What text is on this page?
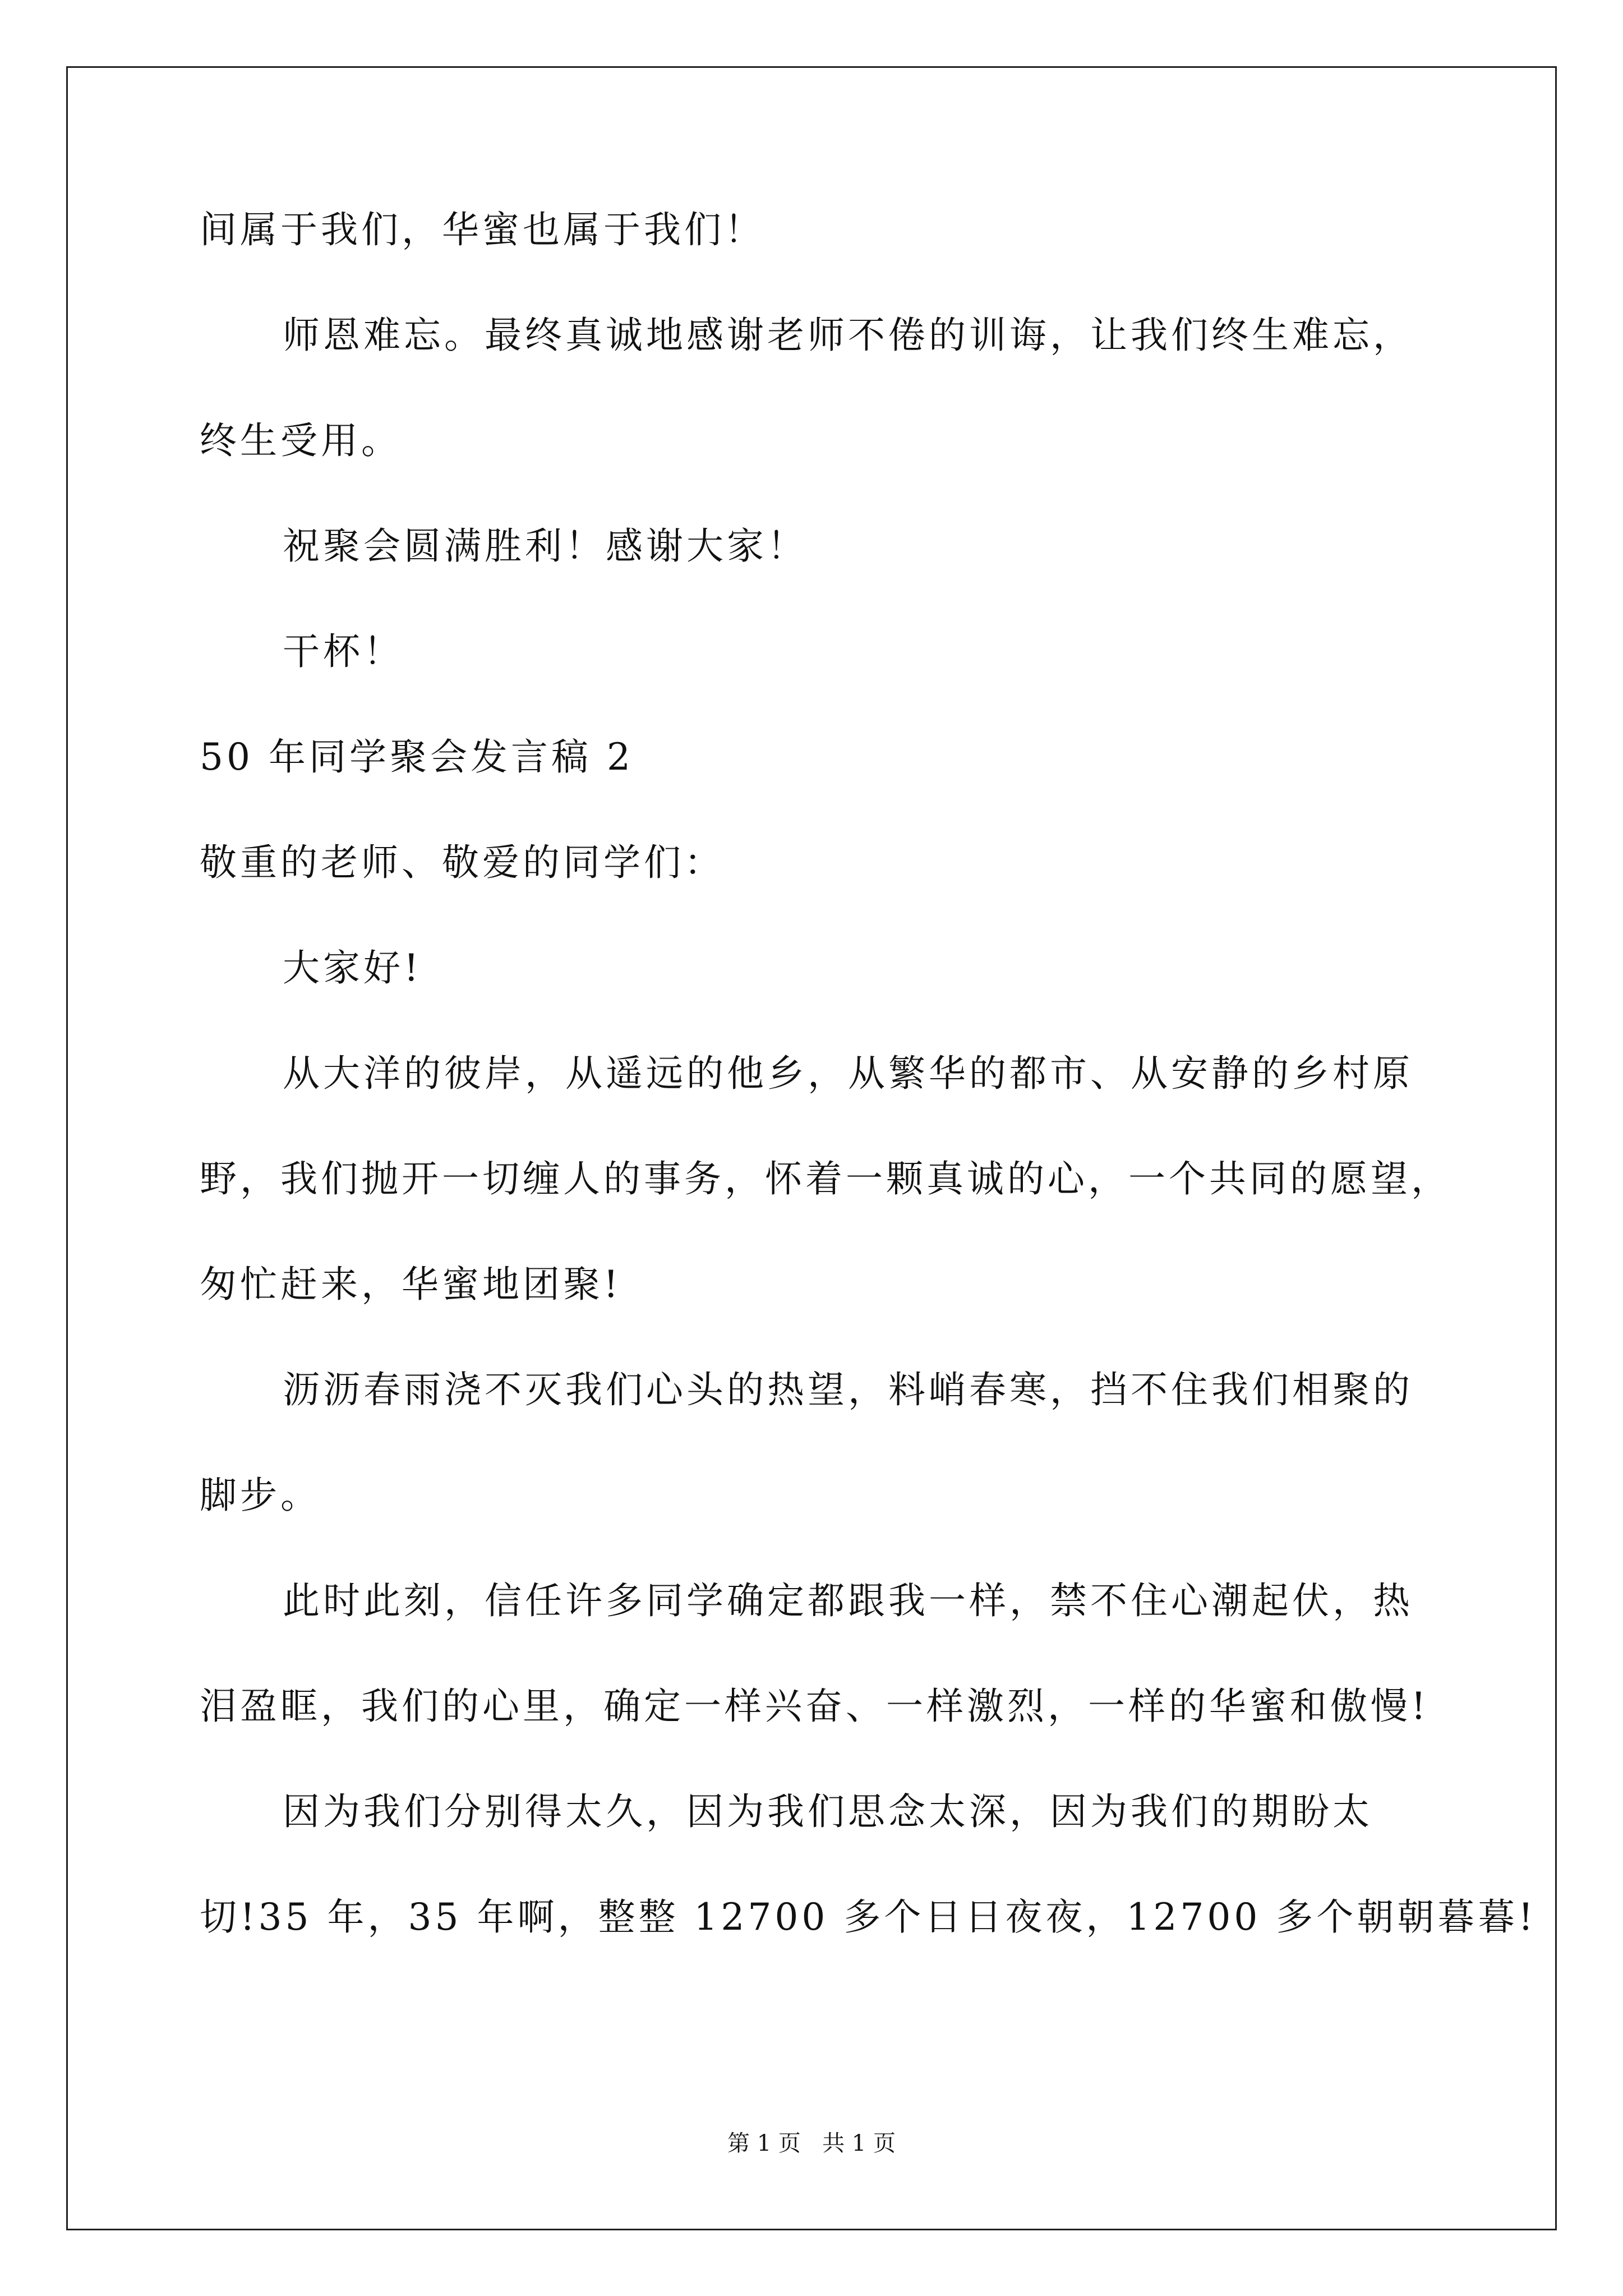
间属于我们，华蜜也属于我们！
师恩难忘。最终真诚地感谢老师不倦的训诲，让我们终生难忘，
终生受用。
祝聚会圆满胜利！感谢大家！
干杯！
50 年同学聚会发言稿 2
敬重的老师、敬爱的同学们：
大家好!
从大洋的彼岸，从遥远的他乡，从繁华的都市、从安静的乡村原
野，我们抛开一切缠人的事务，怀着一颗真诚的心，一个共同的愿望，
匆忙赶来，华蜜地团聚!
沥沥春雨浇不灭我们心头的热望，料峭春寒，挡不住我们相聚的
脚步。
此时此刻，信任许多同学确定都跟我一样，禁不住心潮起伏，热
泪盈眶，我们的心里，确定一样兴奋、一样激烈，一样的华蜜和傲慢!
因为我们分别得太久，因为我们思念太深，因为我们的期盼太
切!35 年，35 年啊，整整 12700 多个日日夜夜，12700 多个朝朝暮暮!
第 1 页   共 1 页
